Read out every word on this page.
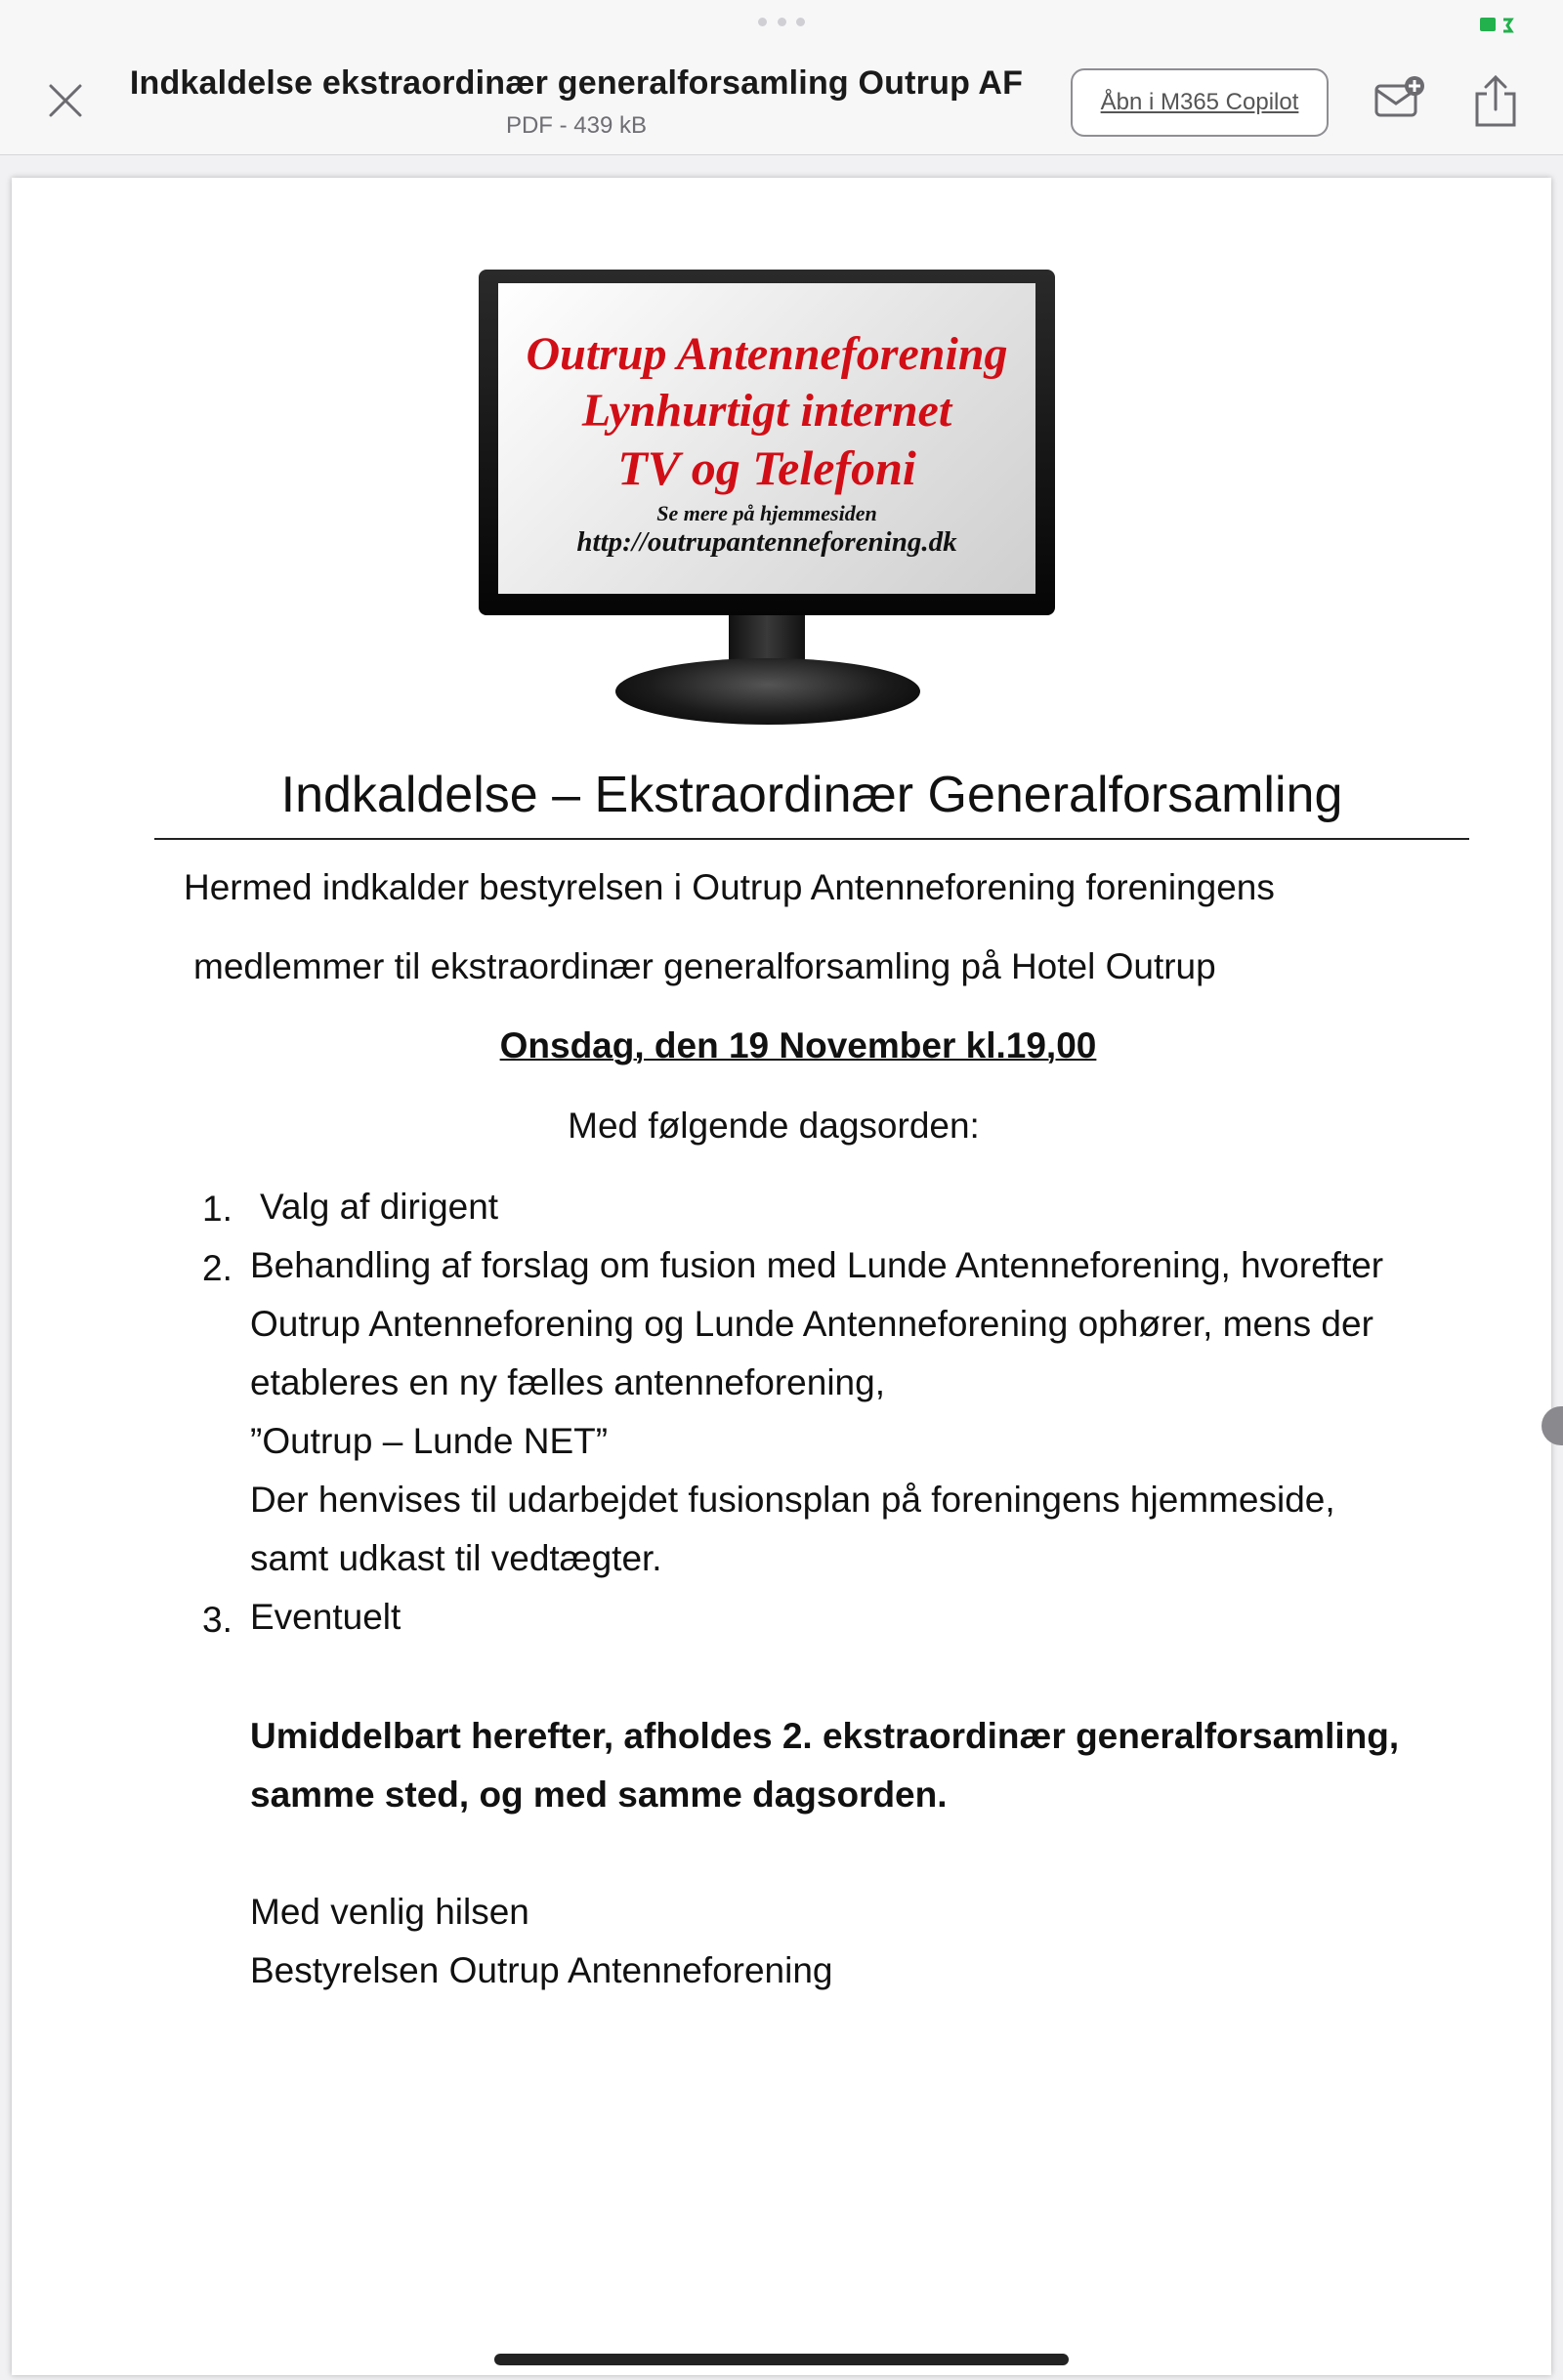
Indkaldelse ekstraordinær generalforsamling Outrup AF
PDF - 439 kB
Åbn i M365 Copilot
Outrup Antenneforening
Lynhurtigt internet
TV og Telefoni
Se mere på hjemmesiden
http://outrupantenneforening.dk
Indkaldelse – Ekstraordinær Generalforsamling
Hermed indkalder bestyrelsen i Outrup Antenneforening foreningens
medlemmer til ekstraordinær generalforsamling på Hotel Outrup
Onsdag, den 19 November kl.19,00
Med følgende dagsorden:
1. Valg af dirigent
2. Behandling af forslag om fusion med Lunde Antenneforening, hvorefter
Outrup Antenneforening og Lunde Antenneforening ophører, mens der
etableres en ny fælles antenneforening,
”Outrup – Lunde NET”
Der henvises til udarbejdet fusionsplan på foreningens hjemmeside,
samt udkast til vedtægter.
3. Eventuelt
Umiddelbart herefter, afholdes 2. ekstraordinær generalforsamling,
samme sted, og med samme dagsorden.
Med venlig hilsen
Bestyrelsen Outrup Antenneforening
